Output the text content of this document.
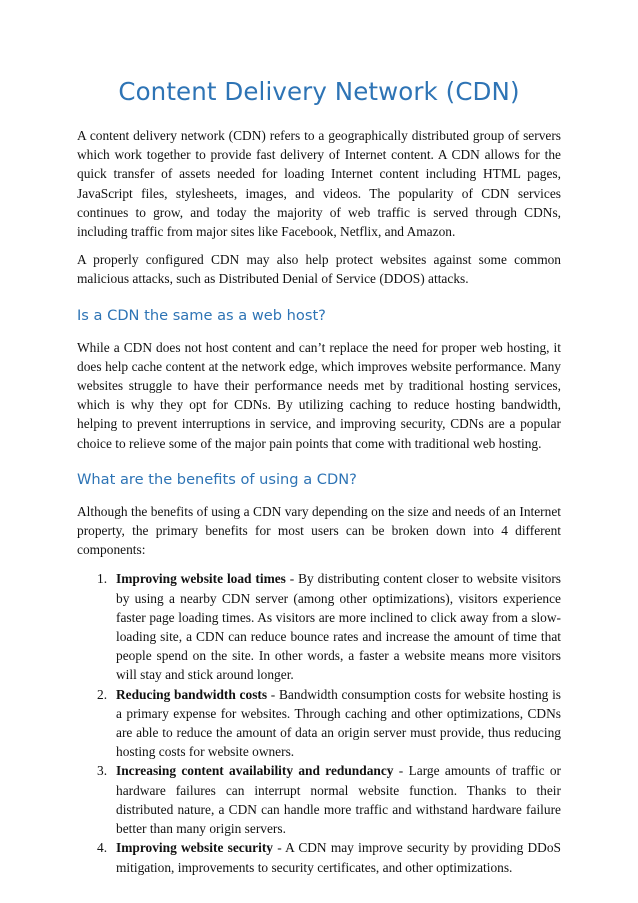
Content Delivery Network (CDN)

A content delivery network (CDN) refers to a geographically distributed group of servers which work together to provide fast delivery of Internet content. A CDN allows for the quick transfer of assets needed for loading Internet content including HTML pages, JavaScript files, stylesheets, images, and videos. The popularity of CDN services continues to grow, and today the majority of web traffic is served through CDNs, including traffic from major sites like Facebook, Netflix, and Amazon.

A properly configured CDN may also help protect websites against some common malicious attacks, such as Distributed Denial of Service (DDOS) attacks.

Is a CDN the same as a web host?

While a CDN does not host content and can’t replace the need for proper web hosting, it does help cache content at the network edge, which improves website performance. Many websites struggle to have their performance needs met by traditional hosting services, which is why they opt for CDNs. By utilizing caching to reduce hosting bandwidth, helping to prevent interruptions in service, and improving security, CDNs are a popular choice to relieve some of the major pain points that come with traditional web hosting.

What are the benefits of using a CDN?

Although the benefits of using a CDN vary depending on the size and needs of an Internet property, the primary benefits for most users can be broken down into 4 different components:

1. Improving website load times - By distributing content closer to website visitors by using a nearby CDN server (among other optimizations), visitors experience faster page loading times. As visitors are more inclined to click away from a slow-loading site, a CDN can reduce bounce rates and increase the amount of time that people spend on the site. In other words, a faster a website means more visitors will stay and stick around longer.
2. Reducing bandwidth costs - Bandwidth consumption costs for website hosting is a primary expense for websites. Through caching and other optimizations, CDNs are able to reduce the amount of data an origin server must provide, thus reducing hosting costs for website owners.
3. Increasing content availability and redundancy - Large amounts of traffic or hardware failures can interrupt normal website function. Thanks to their distributed nature, a CDN can handle more traffic and withstand hardware failure better than many origin servers.
4. Improving website security - A CDN may improve security by providing DDoS mitigation, improvements to security certificates, and other optimizations.
